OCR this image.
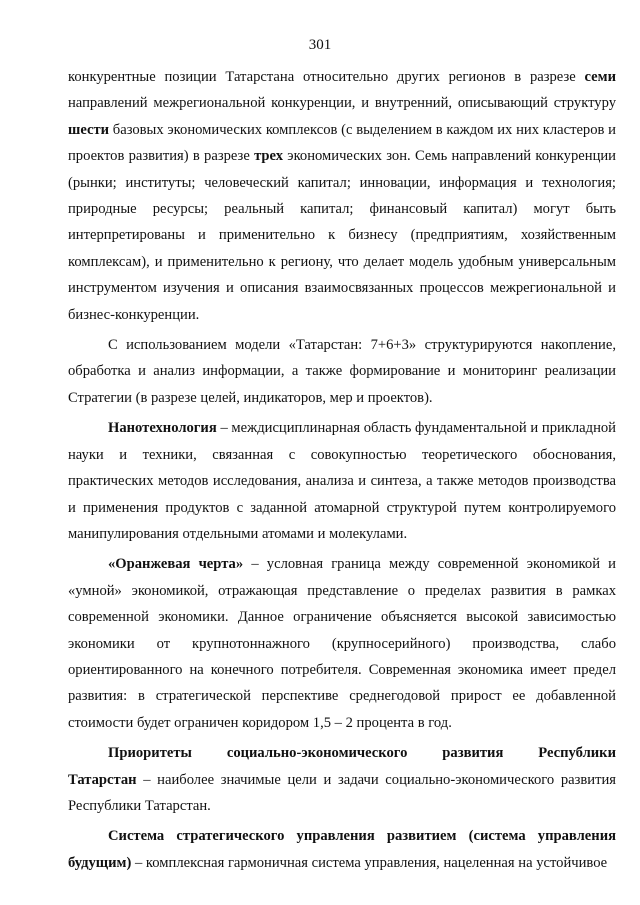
301

конкурентные позиции Татарстана относительно других регионов в разрезе семи направлений межрегиональной конкуренции, и внутренний, описывающий структуру шести базовых экономических комплексов (с выделением в каждом их них кластеров и проектов развития) в разрезе трех экономических зон. Семь направлений конкуренции (рынки; институты; человеческий капитал; инновации, информация и технология; природные ресурсы; реальный капитал; финансовый капитал) могут быть интерпретированы и применительно к бизнесу (предприятиям, хозяйственным комплексам), и применительно к региону, что делает модель удобным универсальным инструментом изучения и описания взаимосвязанных процессов межрегиональной и бизнес-конкуренции.

С использованием модели «Татарстан: 7+6+3» структурируются накопление, обработка и анализ информации, а также формирование и мониторинг реализации Стратегии (в разрезе целей, индикаторов, мер и проектов).

Нанотехнология – междисциплинарная область фундаментальной и прикладной науки и техники, связанная с совокупностью теоретического обоснования, практических методов исследования, анализа и синтеза, а также методов производства и применения продуктов с заданной атомарной структурой путем контролируемого манипулирования отдельными атомами и молекулами.

«Оранжевая черта» – условная граница между современной экономикой и «умной» экономикой, отражающая представление о пределах развития в рамках современной экономики. Данное ограничение объясняется высокой зависимостью экономики от крупнотоннажного (крупносерийного) производства, слабо ориентированного на конечного потребителя. Современная экономика имеет предел развития: в стратегической перспективе среднегодовой прирост ее добавленной стоимости будет ограничен коридором 1,5 – 2 процента в год.

Приоритеты социально-экономического развития Республики

Татарстан – наиболее значимые цели и задачи социально-экономического развития Республики Татарстан.

Система стратегического управления развитием (система управления будущим) – комплексная гармоничная система управления, нацеленная на устойчивое
